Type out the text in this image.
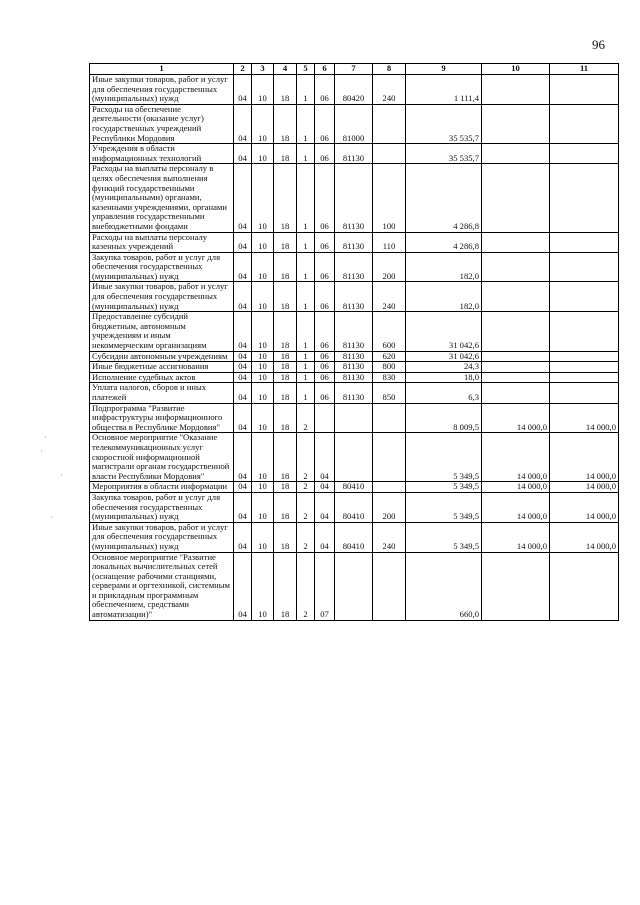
96
·
·
·
·
1	2	3	4	5	6	7	8	9	10	11
Иные закупки товаров, работ и услуг для обеспечения государственных (муниципальных) нужд	04	10	18	1	06	80420	240	1 111,4		
Расходы на обеспечение деятельности (оказание услуг) государственных учреждений Республики Мордовия	04	10	18	1	06	81000		35 535,7		
Учреждения в области информационных технологий	04	10	18	1	06	81130		35 535,7		
Расходы на выплаты персоналу в целях обеспечения выполнения функций государственными (муниципальными) органами, казенными учреждениями, органами управления государственными внебюджетными фондами	04	10	18	1	06	81130	100	4 286,8		
Расходы на выплаты персоналу казенных учреждений	04	10	18	1	06	81130	110	4 286,8		
Закупка товаров, работ и услуг для обеспечения государственных (муниципальных) нужд	04	10	18	1	06	81130	200	182,0		
Иные закупки товаров, работ и услуг для обеспечения государственных (муниципальных) нужд	04	10	18	1	06	81130	240	182,0		
Предоставление субсидий бюджетным, автономным учреждениям и иным некоммерческим организациям	04	10	18	1	06	81130	600	31 042,6		
Субсидии автономным учреждениям	04	10	18	1	06	81130	620	31 042,6		
Иные бюджетные ассигнования	04	10	18	1	06	81130	800	24,3		
Исполнение судебных актов	04	10	18	1	06	81130	830	18,0		
Уплата налогов, сборов и иных платежей	04	10	18	1	06	81130	850	6,3		
Подпрограмма "Развитие инфраструктуры информационного общества в Республике Мордовия"	04	10	18	2				8 009,5	14 000,0	14 000,0
Основное мероприятие "Оказание телекоммуникационных услуг скоростной информационной магистрали органам государственной власти Республики Мордовия"	04	10	18	2	04			5 349,5	14 000,0	14 000,0
Мероприятия в области информации	04	10	18	2	04	80410		5 349,5	14 000,0	14 000,0
Закупка товаров, работ и услуг для обеспечения государственных (муниципальных) нужд	04	10	18	2	04	80410	200	5 349,5	14 000,0	14 000,0
Иные закупки товаров, работ и услуг для обеспечения государственных (муниципальных) нужд	04	10	18	2	04	80410	240	5 349,5	14 000,0	14 000,0
Основное мероприятие "Развитие локальных вычислительных сетей (оснащение рабочими станциями, серверами и оргтехникой, системным и прикладным программным обеспечением, средствами автоматизации)"	04	10	18	2	07			660,0		
